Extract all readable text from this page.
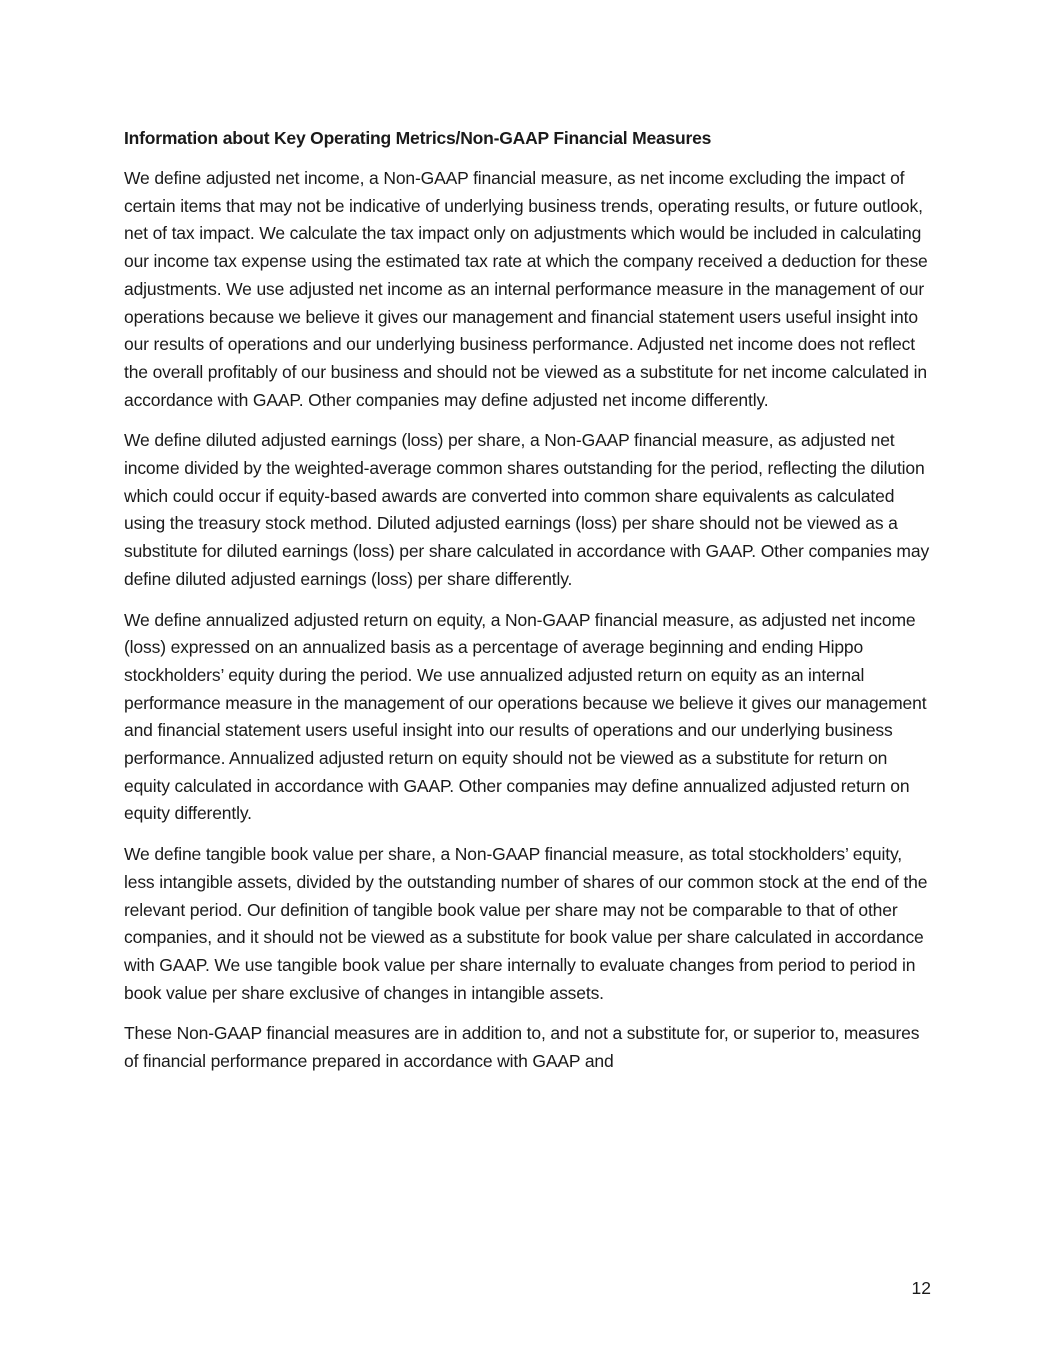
Information about Key Operating Metrics/Non-GAAP Financial Measures

We define adjusted net income, a Non-GAAP financial measure, as net income excluding the impact of certain items that may not be indicative of underlying business trends, operating results, or future outlook, net of tax impact. We calculate the tax impact only on adjustments which would be included in calculating our income tax expense using the estimated tax rate at which the company received a deduction for these adjustments. We use adjusted net income as an internal performance measure in the management of our operations because we believe it gives our management and financial statement users useful insight into our results of operations and our underlying business performance. Adjusted net income does not reflect the overall profitably of our business and should not be viewed as a substitute for net income calculated in accordance with GAAP. Other companies may define adjusted net income differently.

We define diluted adjusted earnings (loss) per share, a Non-GAAP financial measure, as adjusted net income divided by the weighted-average common shares outstanding for the period, reflecting the dilution which could occur if equity-based awards are converted into common share equivalents as calculated using the treasury stock method. Diluted adjusted earnings (loss) per share should not be viewed as a substitute for diluted earnings (loss) per share calculated in accordance with GAAP. Other companies may define diluted adjusted earnings (loss) per share differently.

We define annualized adjusted return on equity, a Non-GAAP financial measure, as adjusted net income (loss) expressed on an annualized basis as a percentage of average beginning and ending Hippo stockholders’ equity during the period. We use annualized adjusted return on equity as an internal performance measure in the management of our operations because we believe it gives our management and financial statement users useful insight into our results of operations and our underlying business performance. Annualized adjusted return on equity should not be viewed as a substitute for return on equity calculated in accordance with GAAP. Other companies may define annualized adjusted return on equity differently.

We define tangible book value per share, a Non-GAAP financial measure, as total stockholders’ equity, less intangible assets, divided by the outstanding number of shares of our common stock at the end of the relevant period. Our definition of tangible book value per share may not be comparable to that of other companies, and it should not be viewed as a substitute for book value per share calculated in accordance with GAAP. We use tangible book value per share internally to evaluate changes from period to period in book value per share exclusive of changes in intangible assets.

These Non-GAAP financial measures are in addition to, and not a substitute for, or superior to, measures of financial performance prepared in accordance with GAAP and

12
